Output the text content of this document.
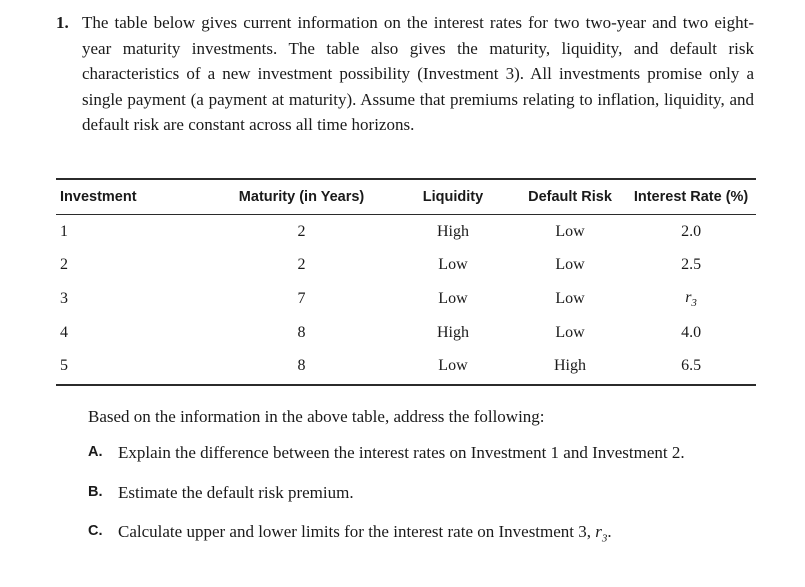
1. The table below gives current information on the interest rates for two two-year and two eight-year maturity investments. The table also gives the maturity, liquidity, and default risk characteristics of a new investment possibility (Investment 3). All investments promise only a single payment (a payment at maturity). Assume that premiums relating to inflation, liquidity, and default risk are constant across all time horizons.
Investment	Maturity (in Years)	Liquidity	Default Risk	Interest Rate (%)
1	2	High	Low	2.0
2	2	Low	Low	2.5
3	7	Low	Low	$r_3$
4	8	High	Low	4.0
5	8	Low	High	6.5
Based on the information in the above table, address the following:
A. Explain the difference between the interest rates on Investment 1 and Investment 2.
B. Estimate the default risk premium.
C. Calculate upper and lower limits for the interest rate on Investment 3, $r_3$.
